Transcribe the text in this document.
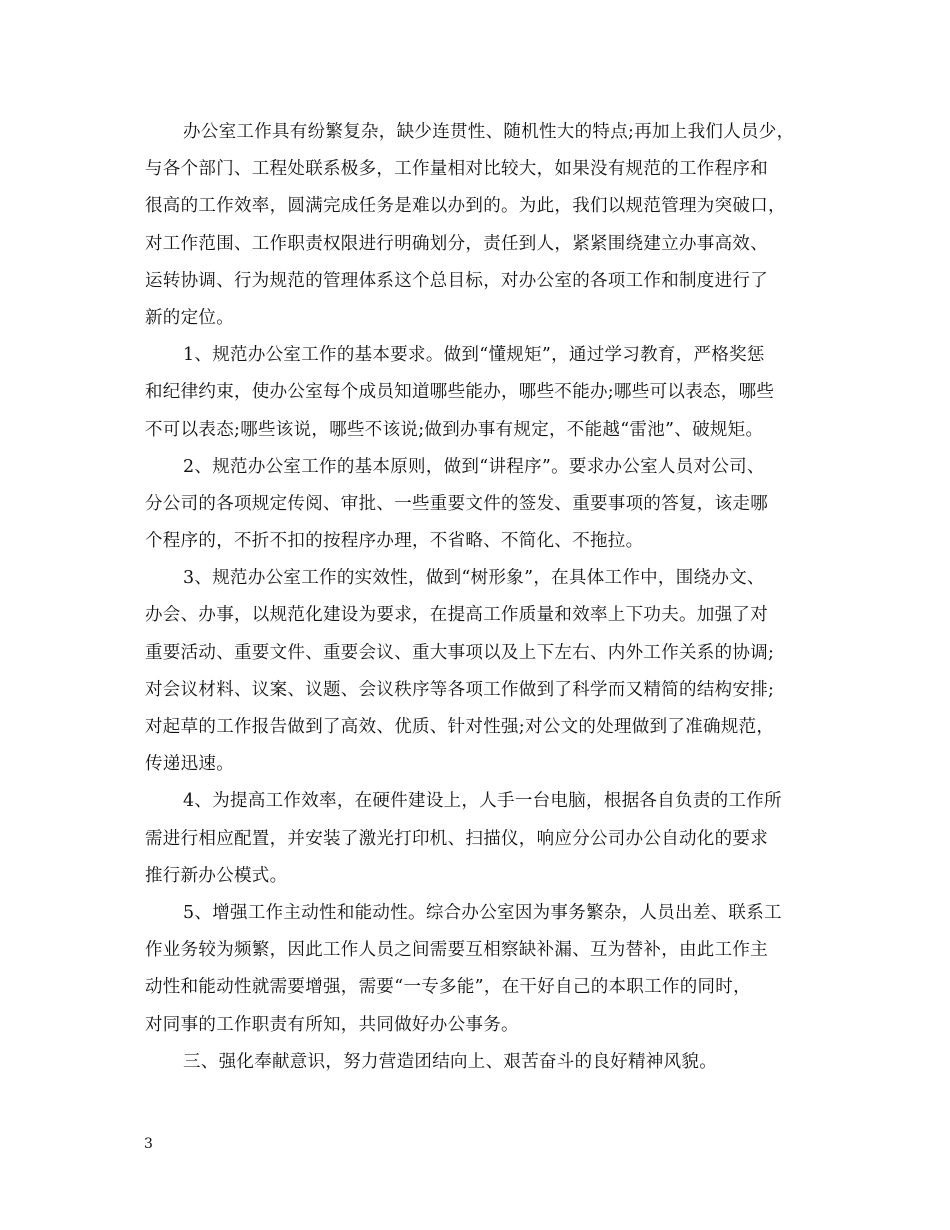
办公室工作具有纷繁复杂，缺少连贯性、随机性大的特点;再加上我们人员少，
与各个部门、工程处联系极多，工作量相对比较大，如果没有规范的工作程序和
很高的工作效率，圆满完成任务是难以办到的。为此，我们以规范管理为突破口，
对工作范围、工作职责权限进行明确划分，责任到人，紧紧围绕建立办事高效、
运转协调、行为规范的管理体系这个总目标，对办公室的各项工作和制度进行了
新的定位。
1、规范办公室工作的基本要求。做到“懂规矩”，通过学习教育，严格奖惩
和纪律约束，使办公室每个成员知道哪些能办，哪些不能办;哪些可以表态，哪些
不可以表态;哪些该说，哪些不该说;做到办事有规定，不能越“雷池”、破规矩。
2、规范办公室工作的基本原则，做到“讲程序”。要求办公室人员对公司、
分公司的各项规定传阅、审批、一些重要文件的签发、重要事项的答复，该走哪
个程序的，不折不扣的按程序办理，不省略、不简化、不拖拉。
3、规范办公室工作的实效性，做到“树形象”，在具体工作中，围绕办文、
办会、办事，以规范化建设为要求，在提高工作质量和效率上下功夫。加强了对
重要活动、重要文件、重要会议、重大事项以及上下左右、内外工作关系的协调;
对会议材料、议案、议题、会议秩序等各项工作做到了科学而又精简的结构安排;
对起草的工作报告做到了高效、优质、针对性强;对公文的处理做到了准确规范，
传递迅速。
4、为提高工作效率，在硬件建设上，人手一台电脑，根据各自负责的工作所
需进行相应配置，并安装了激光打印机、扫描仪，响应分公司办公自动化的要求
推行新办公模式。
5、增强工作主动性和能动性。综合办公室因为事务繁杂，人员出差、联系工
作业务较为频繁，因此工作人员之间需要互相察缺补漏、互为替补，由此工作主
动性和能动性就需要增强，需要“一专多能”，在干好自己的本职工作的同时，
对同事的工作职责有所知，共同做好办公事务。
三、强化奉献意识，努力营造团结向上、艰苦奋斗的良好精神风貌。
3
